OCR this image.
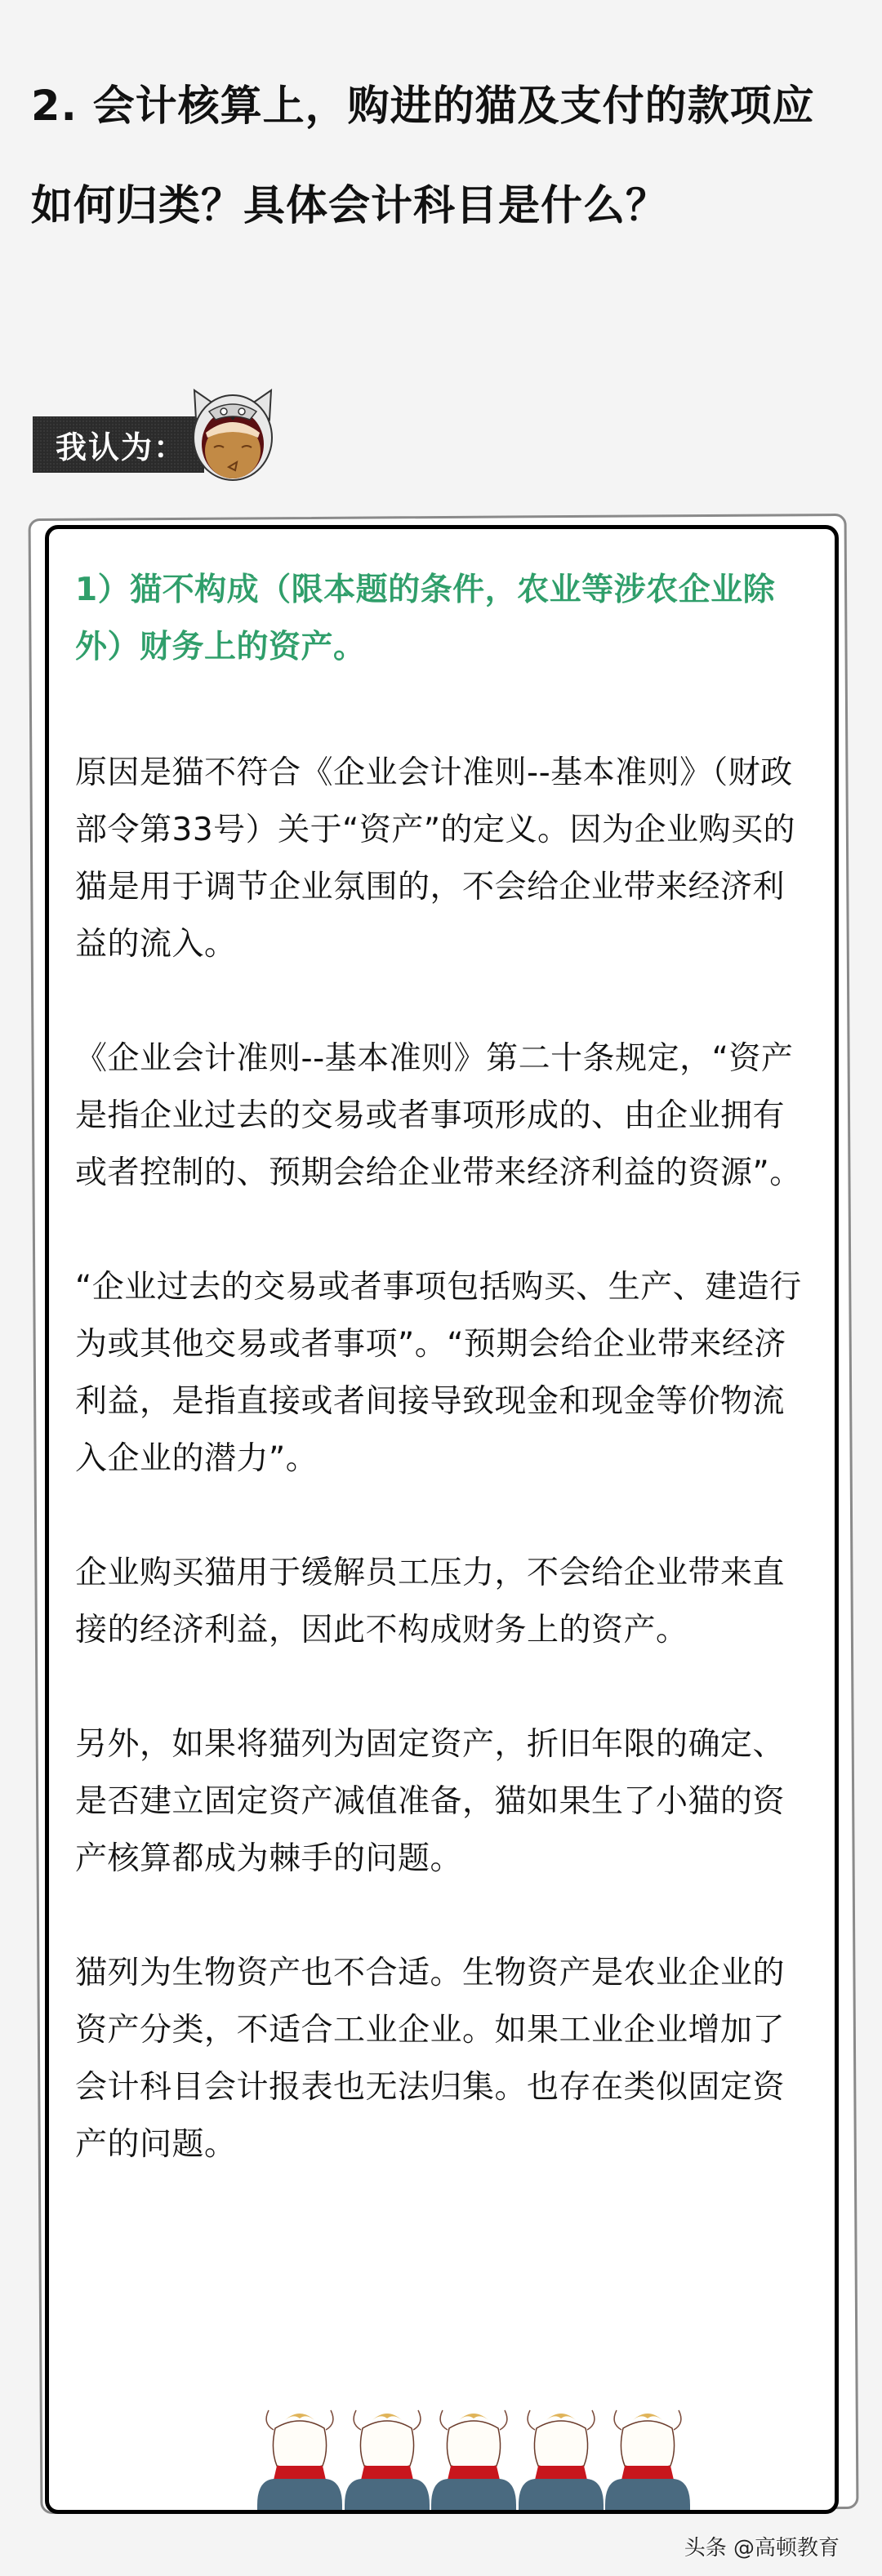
2. 会计核算上，购进的猫及支付的款项应如何归类？具体会计科目是什么？
我认为：

1）猫不构成（限本题的条件，农业等涉农企业除外）财务上的资产。

原因是猫不符合《企业会计准则--基本准则》（财政部令第33号）关于“资产”的定义。因为企业购买的猫是用于调节企业氛围的，不会给企业带来经济利益的流入。

《企业会计准则--基本准则》第二十条规定，“资产是指企业过去的交易或者事项形成的、由企业拥有或者控制的、预期会给企业带来经济利益的资源”。

“企业过去的交易或者事项包括购买、生产、建造行为或其他交易或者事项”。“预期会给企业带来经济利益，是指直接或者间接导致现金和现金等价物流入企业的潜力”。

企业购买猫用于缓解员工压力，不会给企业带来直接的经济利益，因此不构成财务上的资产。

另外，如果将猫列为固定资产，折旧年限的确定、是否建立固定资产减值准备，猫如果生了小猫的资产核算都成为棘手的问题。

猫列为生物资产也不合适。生物资产是农业企业的资产分类，不适合工业企业。如果工业企业增加了会计科目会计报表也无法归集。也存在类似固定资产的问题。

头条 @高顿教育
